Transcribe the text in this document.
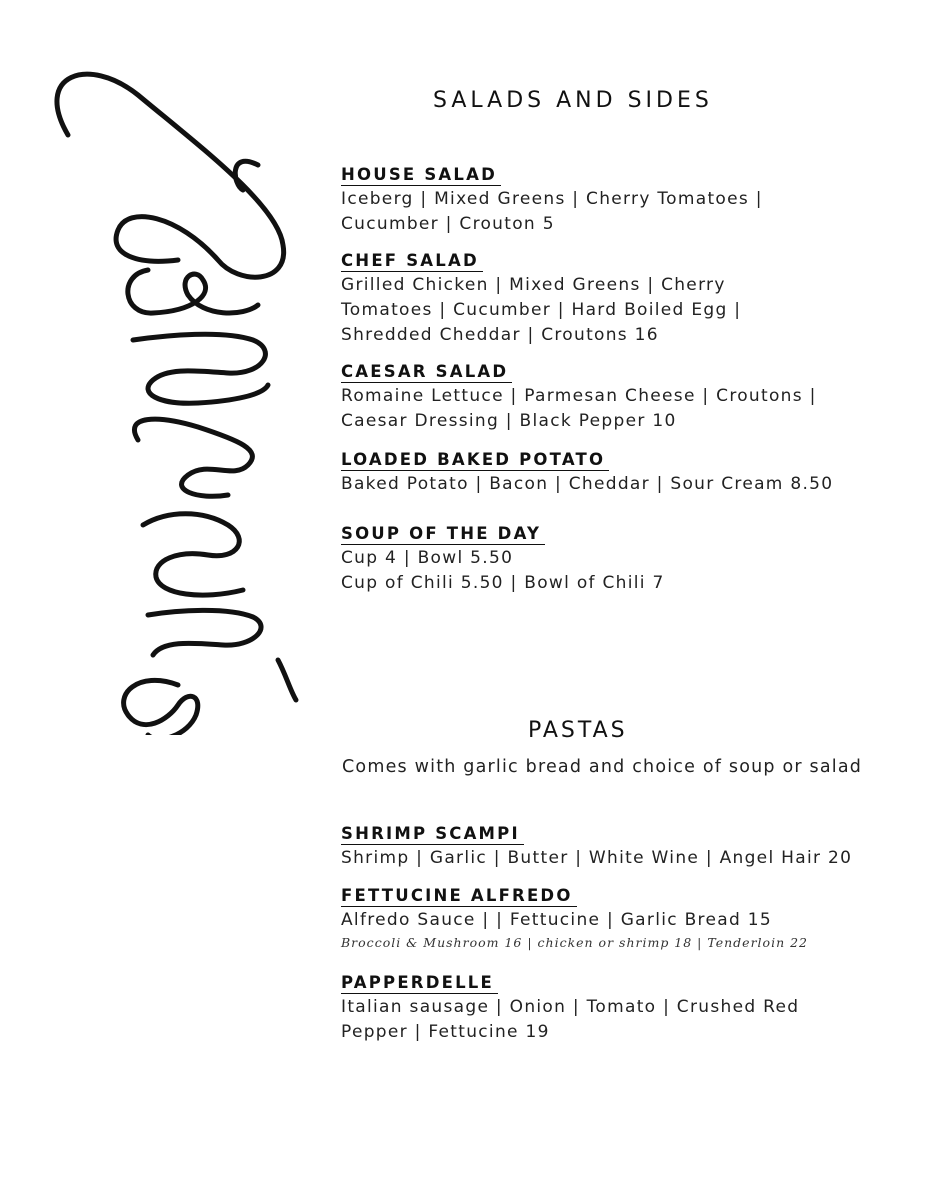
SALADS AND SIDES
HOUSE SALAD
Iceberg | Mixed Greens | Cherry Tomatoes |
Cucumber | Crouton 5
CHEF SALAD
Grilled Chicken | Mixed Greens | Cherry
Tomatoes | Cucumber | Hard Boiled Egg |
Shredded Cheddar | Croutons 16
CAESAR SALAD
Romaine Lettuce | Parmesan Cheese | Croutons |
Caesar Dressing | Black Pepper 10
LOADED BAKED POTATO
Baked Potato | Bacon | Cheddar | Sour Cream 8.50
SOUP OF THE DAY
Cup 4 | Bowl 5.50
Cup of Chili 5.50 | Bowl of Chili 7
PASTAS
Comes with garlic bread and choice of soup or salad
SHRIMP SCAMPI
Shrimp | Garlic | Butter | White Wine | Angel Hair 20
FETTUCINE ALFREDO
Alfredo Sauce | | Fettucine | Garlic Bread 15
Broccoli & Mushroom 16 | chicken or shrimp 18 | Tenderloin 22
PAPPERDELLE
Italian sausage | Onion | Tomato | Crushed Red
Pepper | Fettucine 19
